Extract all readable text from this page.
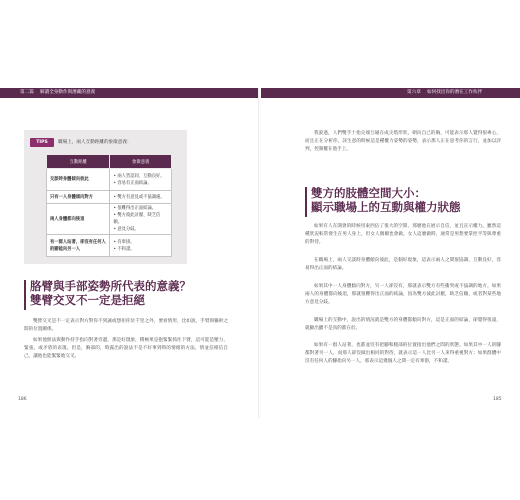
第二篇 解讀全身動作與潛藏的意義
TIPS	職場上，兩人互動距離的象徵意義：
互動距離	象徵意義
交談時身體傾向彼此	• 兩人皆認同、互動良好。
• 容易有正面結論。

只有一人身體傾向對方	• 雙方有意見或不協調處。

兩人身體都向後退	• 很難得出正面結論。
• 雙方彼此討厭、缺乏信賴。
• 意見分歧。

有一群人站著，卻沒有任何人的腳能向另一人	• 有牽掛。
• 不和諧。
胳臂與手部姿勢所代表的意義？
雙臂交叉不一定是拒絕

雙臂交叉是不一定表示對方對你不到誠或想拒你於千里之外，要看情形，比如說，手臂與軀幹之間的位置關係。

如果他無法與動作持手指向對著旁邊，那是好現象，積極果是抱緊緊抓住下臂，這可能是壓力、緊張、或矛盾的表現。但是，胸部的，時露出的說法不是不好事到時的情緒的方法，情並信相信自己，讓他也能緊緊地交叉。

186
第六章 如何找出你的潛在工作伙伴

我說過，人們雙手十指尖端互碰在成尖塔形狀，朝向自己的胸，可能表示那人覺得很專心，而且正在分析你，該生意的時候這是種權力姿勢的姿勢，表示那人正在思考你的言行，並加以評判，控制權在他手上。

雙方的肢體空間大小：
顯示職場上的互動與權力狀態

如果有人在開會的時候用東西佔了很大的空間，那麼他在展示自信，並且宣示權力。雖然這種狀況較常發生在男人身上，但女人偶爾也會做。女人這麼做時，通常是男想要掌控平等與尊重的對待。

在職場上，兩人交談時身體傾向彼此，是個好現象，這表示兩人之間很協調，互動良好，容易得出正面的結論。

如果其中一人身體傾向對方，另一人卻沒有，那就表示雙方有些衝突或不協調的地方。如果兩人的身體都向後退，那就很難得出正面的結論，因為雙方彼此討厭，缺乏信賴，或者對某些地方意見分歧。

職場上的互動中，說出的情況就是雙方的身體都傾向對方，這是正面的結論，卻覺得很遠，就顯出雖不是真的都在於。

如果有一群人站著，也都並沒有把腳和腿部的位置指出他們之間的狀態。如果其中一人的腳都對著另一人，而那人卻沒做出相同的對待，就表示這一人比另一人來得重視對方；如果群體中沒有任何人的腳指向另一人，那表示這幾個人之間一定有牽掛，不和諧。

185
